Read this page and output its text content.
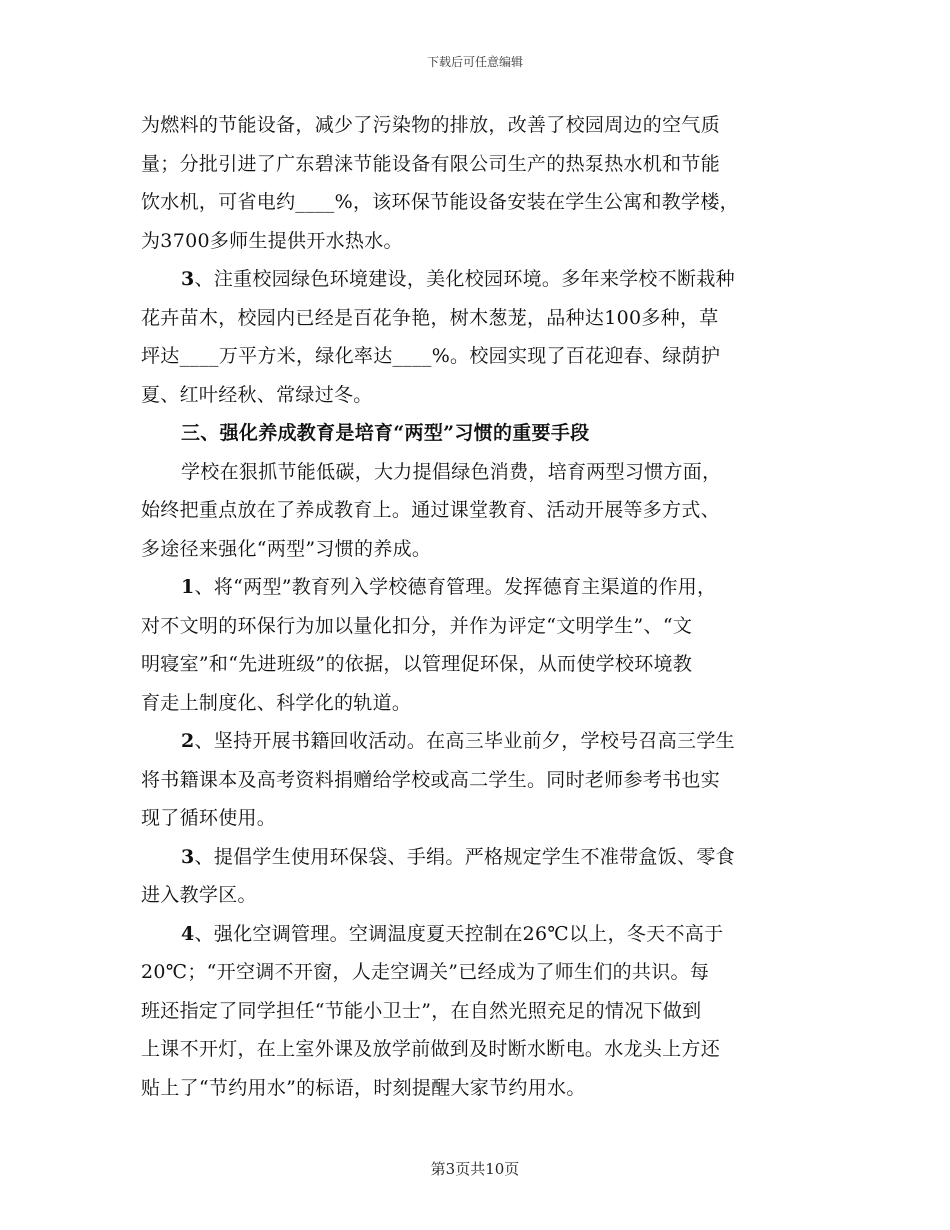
下载后可任意编辑
为燃料的节能设备，减少了污染物的排放，改善了校园周边的空气质
量；分批引进了广东碧涞节能设备有限公司生产的热泵热水机和节能
饮水机，可省电约____%，该环保节能设备安装在学生公寓和教学楼，
为3700多师生提供开水热水。
3、注重校园绿色环境建设，美化校园环境。多年来学校不断栽种
花卉苗木，校园内已经是百花争艳，树木葱茏，品种达100多种，草
坪达____万平方米，绿化率达____%。校园实现了百花迎春、绿荫护
夏、红叶经秋、常绿过冬。
三、强化养成教育是培育“两型”习惯的重要手段
学校在狠抓节能低碳，大力提倡绿色消费，培育两型习惯方面，
始终把重点放在了养成教育上。通过课堂教育、活动开展等多方式、
多途径来强化“两型”习惯的养成。
1、将“两型”教育列入学校德育管理。发挥德育主渠道的作用，
对不文明的环保行为加以量化扣分，并作为评定“文明学生”、“文
明寝室”和“先进班级”的依据，以管理促环保，从而使学校环境教
育走上制度化、科学化的轨道。
2、坚持开展书籍回收活动。在高三毕业前夕，学校号召高三学生
将书籍课本及高考资料捐赠给学校或高二学生。同时老师参考书也实
现了循环使用。
3、提倡学生使用环保袋、手绢。严格规定学生不准带盒饭、零食
进入教学区。
4、强化空调管理。空调温度夏天控制在26℃以上，冬天不高于
20℃；“开空调不开窗，人走空调关”已经成为了师生们的共识。每
班还指定了同学担任“节能小卫士”，在自然光照充足的情况下做到
上课不开灯，在上室外课及放学前做到及时断水断电。水龙头上方还
贴上了“节约用水”的标语，时刻提醒大家节约用水。
第3页共10页
